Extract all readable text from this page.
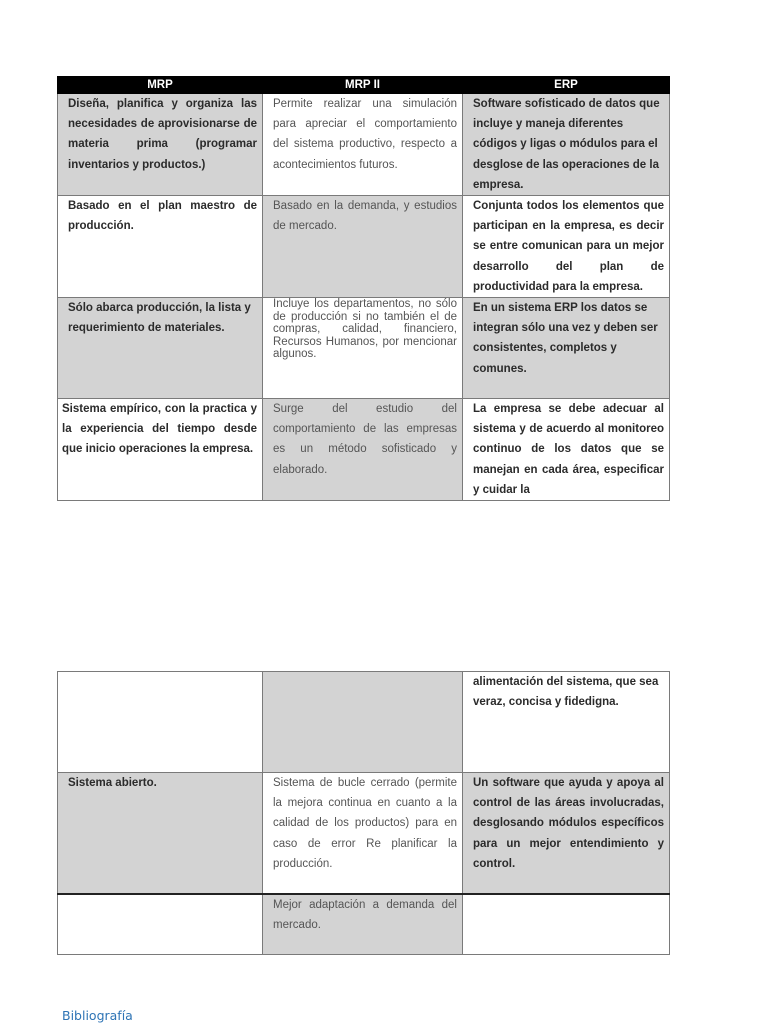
MRP	MRP II	ERP
Diseña, planifica y organiza las necesidades de aprovisionarse de materia prima (programar inventarios y productos.)	Permite realizar una simulación para apreciar el comportamiento del sistema productivo, respecto a acontecimientos futuros.	Software sofisticado de datos que incluye y maneja diferentes códigos y ligas o módulos para el desglose de las operaciones de la empresa.
Basado en el plan maestro de producción.	Basado en la demanda, y estudios de mercado.	Conjunta todos los elementos que participan en la empresa, es decir se entre comunican para un mejor desarrollo del plan de productividad para la empresa.
Sólo abarca producción, la lista y requerimiento de materiales.	Incluye los departamentos, no sólo de producción si no también el de compras, calidad, financiero, Recursos Humanos, por mencionar algunos.	En un sistema ERP los datos se integran sólo una vez y deben ser consistentes, completos y comunes.
Sistema empírico, con la practica y la experiencia del tiempo desde que inicio operaciones la empresa.	Surge del estudio del comportamiento de las empresas es un método sofisticado y elaborado.	La empresa se debe adecuar al sistema y de acuerdo al monitoreo continuo de los datos que se manejan en cada área, especificar y cuidar la
		alimentación del sistema, que sea veraz, concisa y fidedigna.
Sistema abierto.	Sistema de bucle cerrado (permite la mejora continua en cuanto a la calidad de los productos) para en caso de error Re planificar la producción.	Un software que ayuda y apoya al control de las áreas involucradas, desglosando módulos específicos para un mejor entendimiento y control.
	Mejor adaptación a demanda del mercado.	
Bibliografía
